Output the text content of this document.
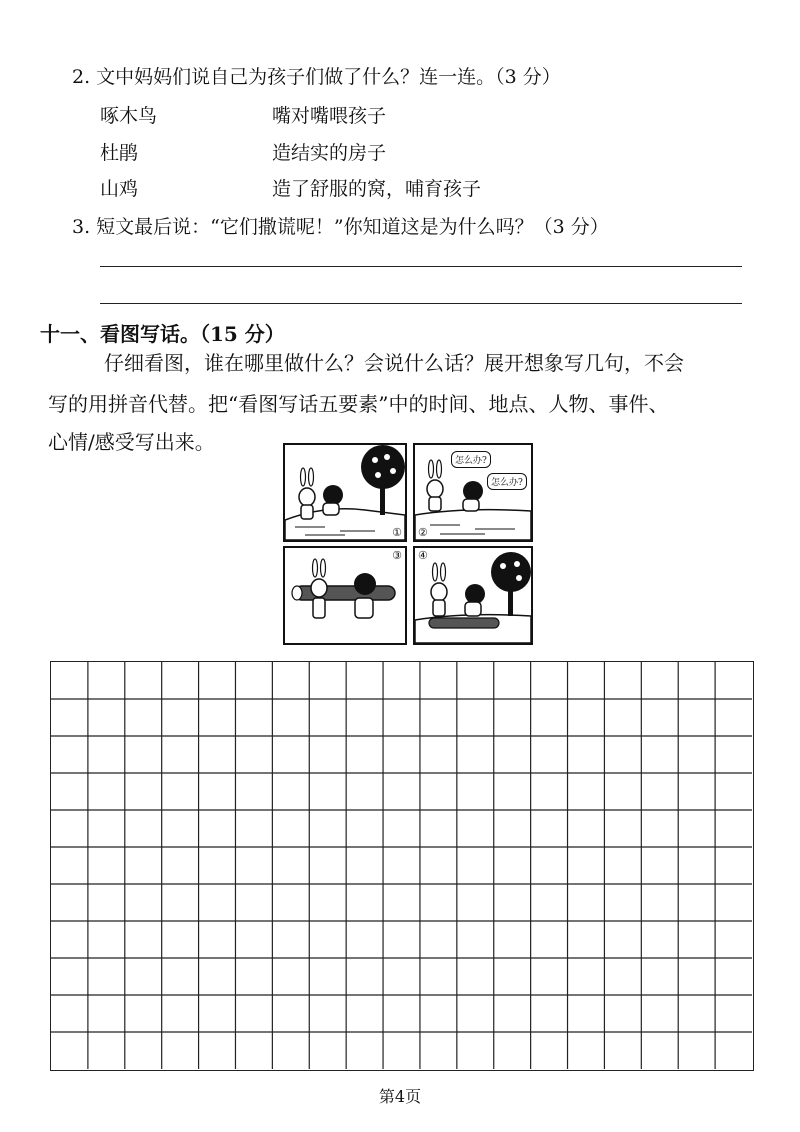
2. 文中妈妈们说自己为孩子们做了什么？连一连。（3 分）
啄木鸟
杜鹃
山鸡
嘴对嘴喂孩子
造结实的房子
造了舒服的窝，哺育孩子
3. 短文最后说：“它们撒谎呢！”你知道这是为什么吗？（3 分）
十一、看图写话。（15 分）
仔细看图，谁在哪里做什么？会说什么话？展开想象写几句，不会
写的用拼音代替。把“看图写话五要素”中的时间、地点、人物、事件、
心情/感受写出来。
①
怎么办?
怎么办?
②
③ ④
第4页
